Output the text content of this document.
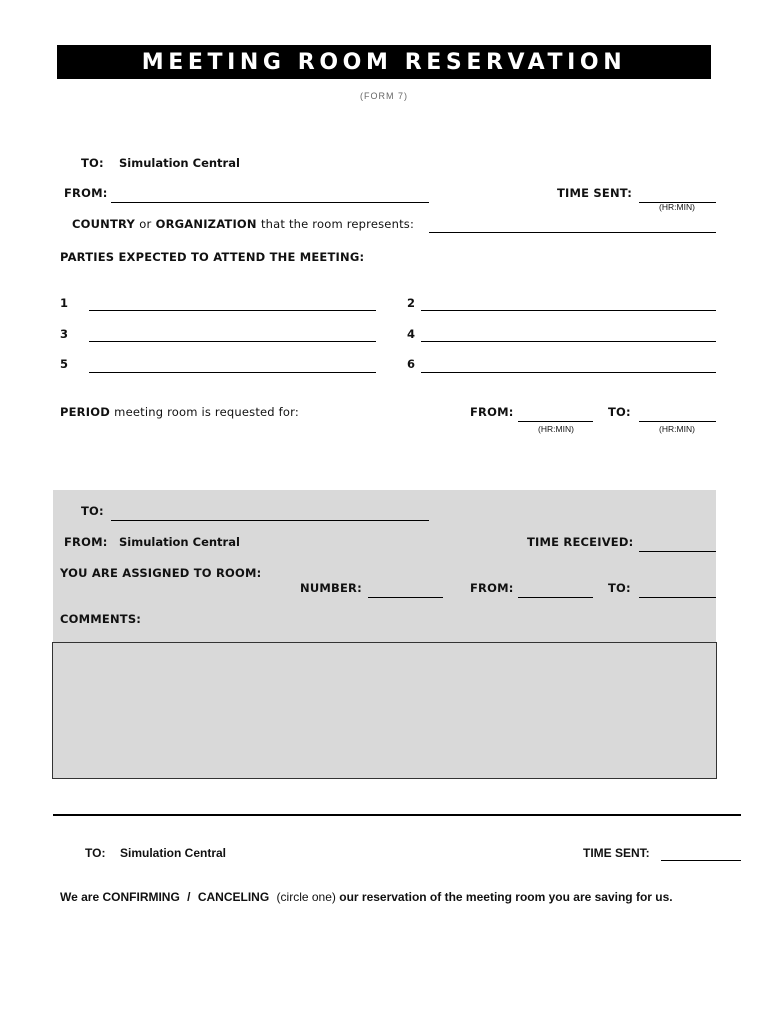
MEETING ROOM RESERVATION
(FORM 7)
TO: Simulation Central
FROM:	TIME SENT:
(HR:MIN)
COUNTRY or ORGANIZATION that the room represents:
PARTIES EXPECTED TO ATTEND THE MEETING:
1	2
3	4
5	6
PERIOD meeting room is requested for:	FROM:
(HR:MIN)
TO:
(HR:MIN)
TO:
FROM: Simulation Central	TIME RECEIVED:
YOU ARE ASSIGNED TO ROOM:
NUMBER:	FROM:	TO:
COMMENTS:
TO: Simulation Central	TIME SENT:
We are CONFIRMING / CANCELING (circle one) our reservation of the meeting room you are saving for us.
